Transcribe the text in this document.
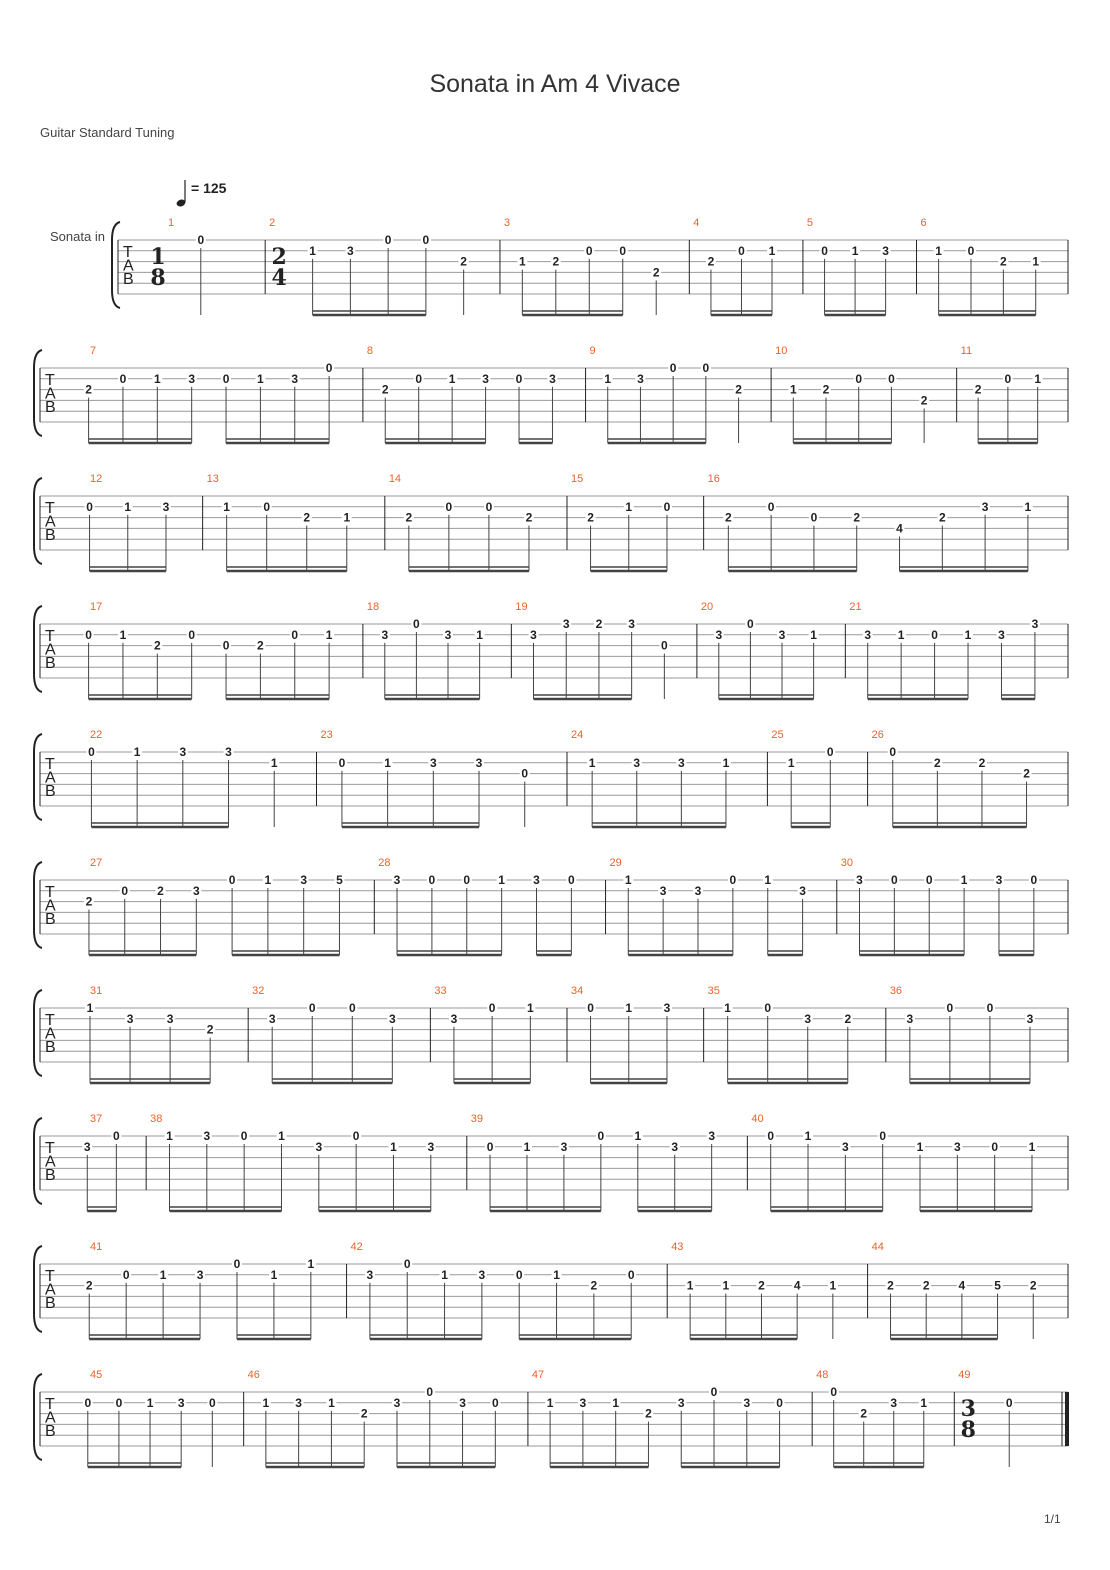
Sonata in Am 4 Vivace
Guitar Standard Tuning
= 125
Sonata in
1/1
T
A
B
1
1
8
0
2
2
4
1	3
0	0
2
3
1 2
0 0
2
4
2
0 1
5
0 1 3
6
1 0
2 1
T
A
B
7
2
0 1 3 0 1 3
0
8
2
0 1 3 0 3
9
1 3
0 0
2
10
1 2
0 0
2
11
2
0 1
T
A
B
12
0	1	3
13
1	0
2	1
14
2
0	0
2
15
2
1	0
16
2
0
0	2
4
2
3	1
T
A
B
17
0 1
2
0
0 2
0 1
18
3
0
3 1
19
3
3 2 3
0
20
3
0
3 1
21
3 1 0 1 3
3
T
A
B
22
0	1	3	3
1
23
0	1	3	3
0
24
1	3	3	1
25
1
0
26
0
2	2
2
T
A
B
27
2
0 2 3
0 1 3 5
28
3 0 0 1 3 0
29
1
3 3
0 1
3
30
3 0 0 1 3 0
T
A
B
31
1
3	3
2
32
3
0	0
3
33
3
0	1
34
0	1	3
35
1	0
3	2
36
3
0	0
3
T
A
B
37
3
0
38
1	3	0	1
3
0
1	3
39
0	1	3
0	1
3
3
40
0	1
3
0
1	3	0	1
T
A
B
41
2
0	1	3
0
1
1
42
3
0
1	3	0	1
2
0
43
1 1 2 4 1
44
2 2 4 5 2
T
A
B
45
0 0 1 3 0
46
1 3 1
2
3
0
3 0
47
1 3 1
2
3
0
3 0
48
0
2
3 1
49
3
8
0
